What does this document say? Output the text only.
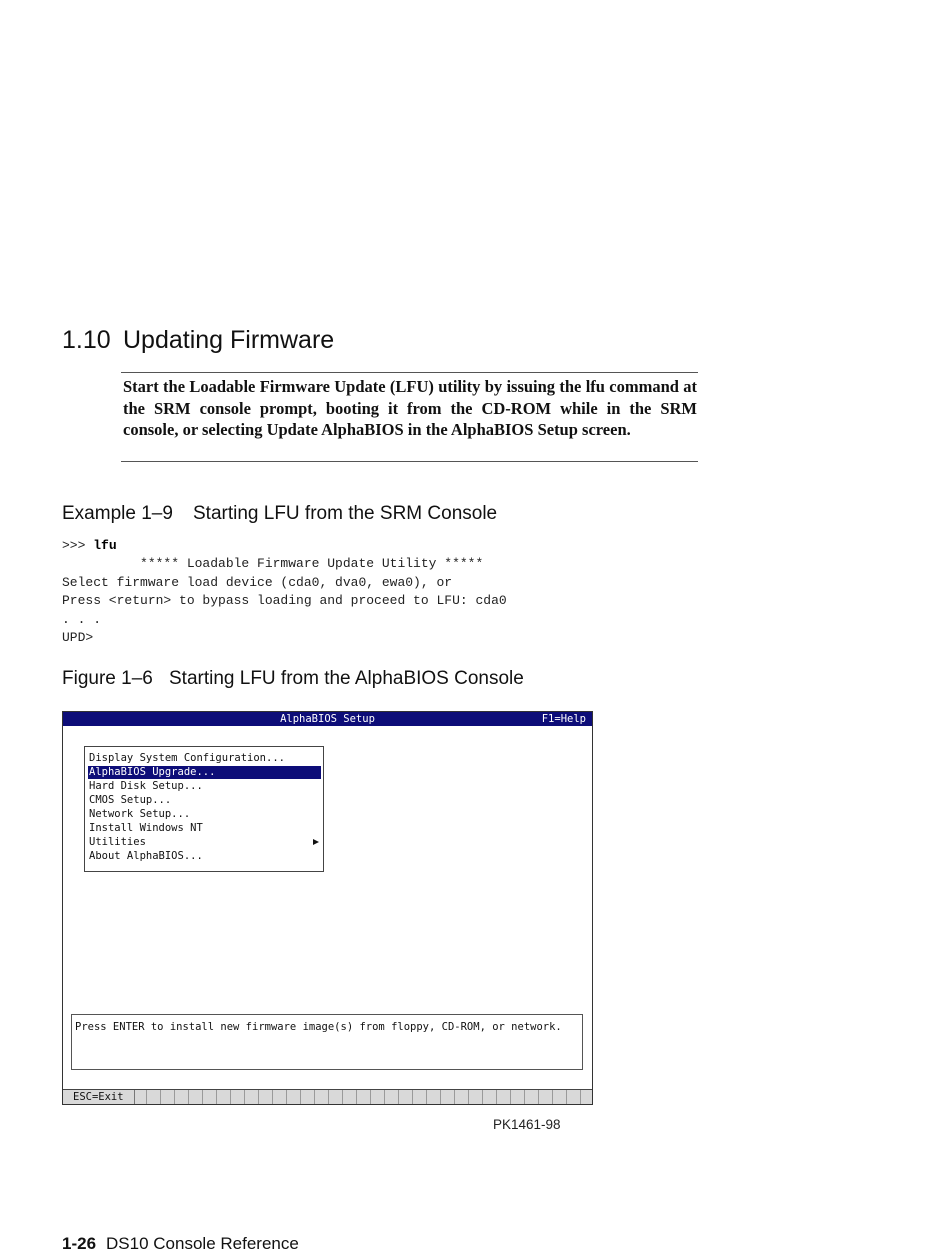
1.10 Updating Firmware

Start the Loadable Firmware Update (LFU) utility by issuing the lfu command at the SRM console prompt, booting it from the CD-ROM while in the SRM console, or selecting Update AlphaBIOS in the AlphaBIOS Setup screen.

Example 1–9 Starting LFU from the SRM Console
>>> lfu
***** Loadable Firmware Update Utility *****
Select firmware load device (cda0, dva0, ewa0), or
Press <return> to bypass loading and proceed to LFU: cda0
. . .
UPD>
Figure 1–6 Starting LFU from the AlphaBIOS Console
AlphaBIOS Setup	F1=Help
Display System Configuration...
AlphaBIOS Upgrade...
Hard Disk Setup...
CMOS Setup...
Network Setup...
Install Windows NT
Utilities
About AlphaBIOS...
Press ENTER to install new firmware image(s) from floppy, CD-ROM, or network.
ESC=Exit
PK1461-98
1-26 DS10 Console Reference
